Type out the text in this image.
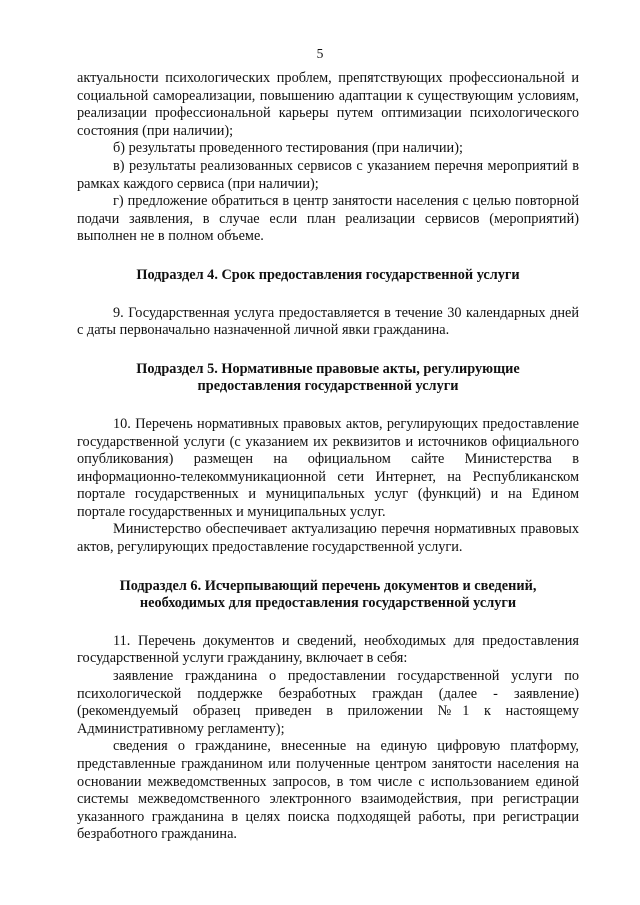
5

актуальности психологических проблем, препятствующих профессиональной и социальной самореализации, повышению адаптации к существующим условиям, реализации профессиональной карьеры путем оптимизации психологического состояния (при наличии);

б) результаты проведенного тестирования (при наличии);

в) результаты реализованных сервисов с указанием перечня мероприятий в рамках каждого сервиса (при наличии);

г) предложение обратиться в центр занятости населения с целью повторной подачи заявления, в случае если план реализации сервисов (мероприятий) выполнен не в полном объеме.

Подраздел 4. Срок предоставления государственной услуги

9. Государственная услуга предоставляется в течение 30 календарных дней с даты первоначально назначенной личной явки гражданина.

Подраздел 5. Нормативные правовые акты, регулирующие
предоставления государственной услуги

10. Перечень нормативных правовых актов, регулирующих предоставление государственной услуги (с указанием их реквизитов и источников официального опубликования) размещен на официальном сайте Министерства в информационно-телекоммуникационной сети Интернет, на Республиканском портале государственных и муниципальных услуг (функций) и на Едином портале государственных и муниципальных услуг.

Министерство обеспечивает актуализацию перечня нормативных правовых актов, регулирующих предоставление государственной услуги.

Подраздел 6. Исчерпывающий перечень документов и сведений,
необходимых для предоставления государственной услуги

11. Перечень документов и сведений, необходимых для предоставления государственной услуги гражданину, включает в себя:

заявление гражданина о предоставлении государственной услуги по психологической поддержке безработных граждан (далее - заявление) (рекомендуемый образец приведен в приложении №1 к настоящему Административному регламенту);

сведения о гражданине, внесенные на единую цифровую платформу, представленные гражданином или полученные центром занятости населения на основании межведомственных запросов, в том числе с использованием единой системы межведомственного электронного взаимодействия, при регистрации указанного гражданина в целях поиска подходящей работы, при регистрации безработного гражданина.
